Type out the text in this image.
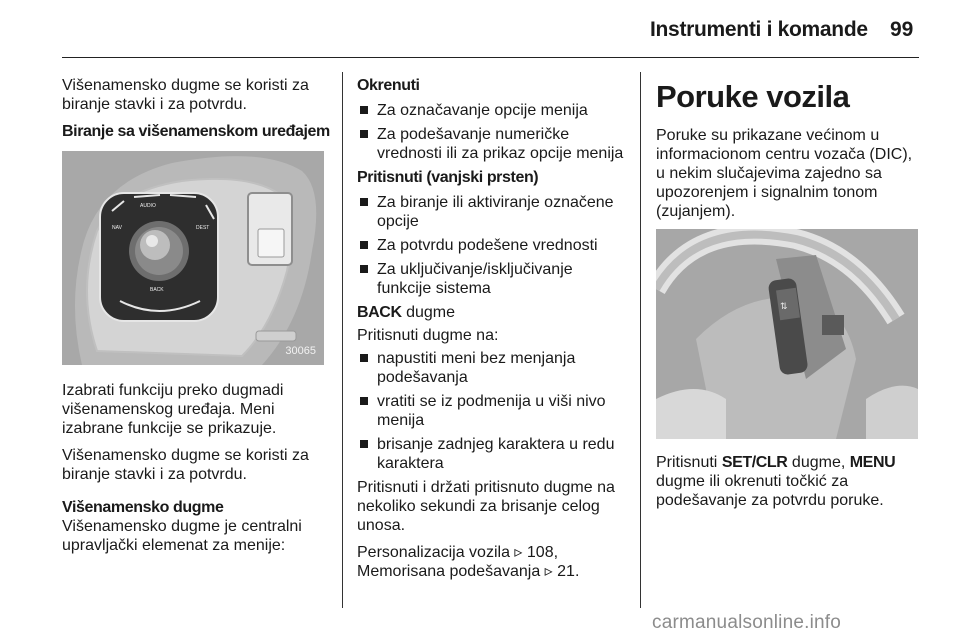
Instrumenti i komande 99

Višenamensko dugme se koristi za biranje stavki i za potvrdu.

Biranje sa višenamenskom uređajem

AUDIO
NAV	DEST
BACK
30065

Izabrati funkciju preko dugmadi višenamenskog uređaja. Meni izabrane funkcije se prikazuje.

Višenamensko dugme se koristi za biranje stavki i za potvrdu.

Višenamensko dugme

Višenamensko dugme je centralni upravljački elemenat za menije:

Okrenuti

Za označavanje opcije menija
Za podešavanje numeričke vrednosti ili za prikaz opcije menija

Pritisnuti (vanjski prsten)

Za biranje ili aktiviranje označene opcije
Za potvrdu podešene vrednosti
Za uključivanje/isključivanje funkcije sistema

BACK dugme

Pritisnuti dugme na:

napustiti meni bez menjanja podešavanja
vratiti se iz podmenija u viši nivo menija
brisanje zadnjeg karaktera u redu karaktera

Pritisnuti i držati pritisnuto dugme na nekoliko sekundi za brisanje celog unosa.

Personalizacija vozila ▹ 108,
Memorisana podešavanja ▹ 21.

Poruke vozila

Poruke su prikazane većinom u informacionom centru vozača (DIC), u nekim slučajevima zajedno sa upozorenjem i signalnim tonom (zujanjem).

⇅

Pritisnuti SET/CLR dugme, MENU dugme ili okrenuti točkić za podešavanje za potvrdu poruke.

carmanualsonline.info
